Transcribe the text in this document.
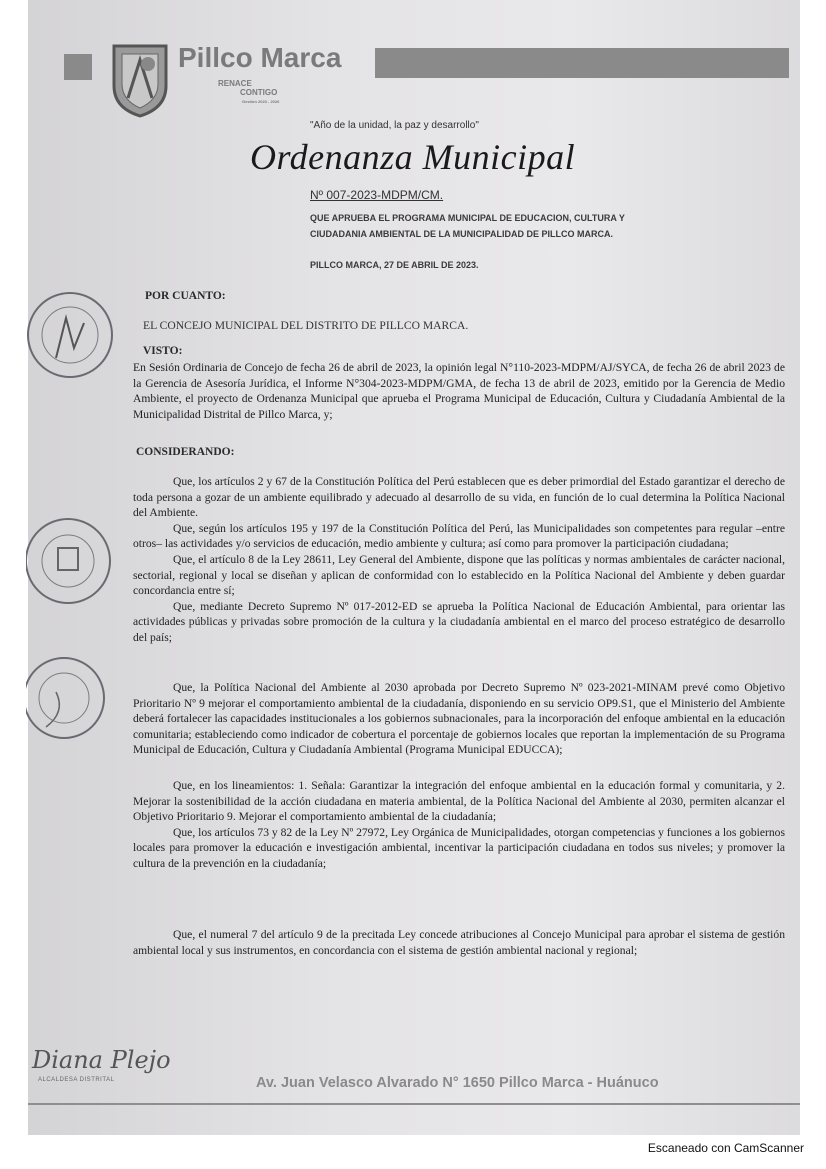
Pillco Marca
RENACE
CONTIGO
Gestión 2023 - 2026
"Año de la unidad, la paz y desarrollo"
Ordenanza Municipal
Nº 007-2023-MDPM/CM.
QUE APRUEBA EL PROGRAMA MUNICIPAL DE EDUCACION, CULTURA Y
CIUDADANIA AMBIENTAL DE LA MUNICIPALIDAD DE PILLCO MARCA.
PILLCO MARCA, 27 DE ABRIL DE 2023.
POR CUANTO:
EL CONCEJO MUNICIPAL DEL DISTRITO DE PILLCO MARCA.
VISTO:

En Sesión Ordinaria de Concejo de fecha 26 de abril de 2023, la opinión legal N°110-2023-MDPM/AJ/SYCA, de fecha 26 de abril 2023 de la Gerencia de Asesoría Jurídica, el Informe N°304-2023-MDPM/GMA, de fecha 13 de abril de 2023, emitido por la Gerencia de Medio Ambiente, el proyecto de Ordenanza Municipal que aprueba el Programa Municipal de Educación, Cultura y Ciudadanía Ambiental de la Municipalidad Distrital de Pillco Marca, y;

CONSIDERANDO:

Que, los artículos 2 y 67 de la Constitución Política del Perú establecen que es deber primordial del Estado garantizar el derecho de toda persona a gozar de un ambiente equilibrado y adecuado al desarrollo de su vida, en función de lo cual determina la Política Nacional del Ambiente.

Que, según los artículos 195 y 197 de la Constitución Política del Perú, las Municipalidades son competentes para regular –entre otros– las actividades y/o servicios de educación, medio ambiente y cultura; así como para promover la participación ciudadana;

Que, el artículo 8 de la Ley 28611, Ley General del Ambiente, dispone que las políticas y normas ambientales de carácter nacional, sectorial, regional y local se diseñan y aplican de conformidad con lo establecido en la Política Nacional del Ambiente y deben guardar concordancia entre sí;

Que, mediante Decreto Supremo Nº 017-2012-ED se aprueba la Política Nacional de Educación Ambiental, para orientar las actividades públicas y privadas sobre promoción de la cultura y la ciudadanía ambiental en el marco del proceso estratégico de desarrollo del país;

Que, la Política Nacional del Ambiente al 2030 aprobada por Decreto Supremo Nº 023-2021-MINAM prevé como Objetivo Prioritario Nº 9 mejorar el comportamiento ambiental de la ciudadanía, disponiendo en su servicio OP9.S1, que el Ministerio del Ambiente deberá fortalecer las capacidades institucionales a los gobiernos subnacionales, para la incorporación del enfoque ambiental en la educación comunitaria; estableciendo como indicador de cobertura el porcentaje de gobiernos locales que reportan la implementación de su Programa Municipal de Educación, Cultura y Ciudadanía Ambiental (Programa Municipal EDUCCA);

Que, en los lineamientos: 1. Señala: Garantizar la integración del enfoque ambiental en la educación formal y comunitaria, y 2. Mejorar la sostenibilidad de la acción ciudadana en materia ambiental, de la Política Nacional del Ambiente al 2030, permiten alcanzar el Objetivo Prioritario 9. Mejorar el comportamiento ambiental de la ciudadanía;

Que, los artículos 73 y 82 de la Ley Nº 27972, Ley Orgánica de Municipalidades, otorgan competencias y funciones a los gobiernos locales para promover la educación e investigación ambiental, incentivar la participación ciudadana en todos sus niveles; y promover la cultura de la prevención en la ciudadanía;

Que, el numeral 7 del artículo 9 de la precitada Ley concede atribuciones al Concejo Municipal para aprobar el sistema de gestión ambiental local y sus instrumentos, en concordancia con el sistema de gestión ambiental nacional y regional;

Diana Plejo
ALCALDESA DISTRITAL	Av. Juan Velasco Alvarado N° 1650 Pillco Marca - Huánuco
Escaneado con CamScanner
